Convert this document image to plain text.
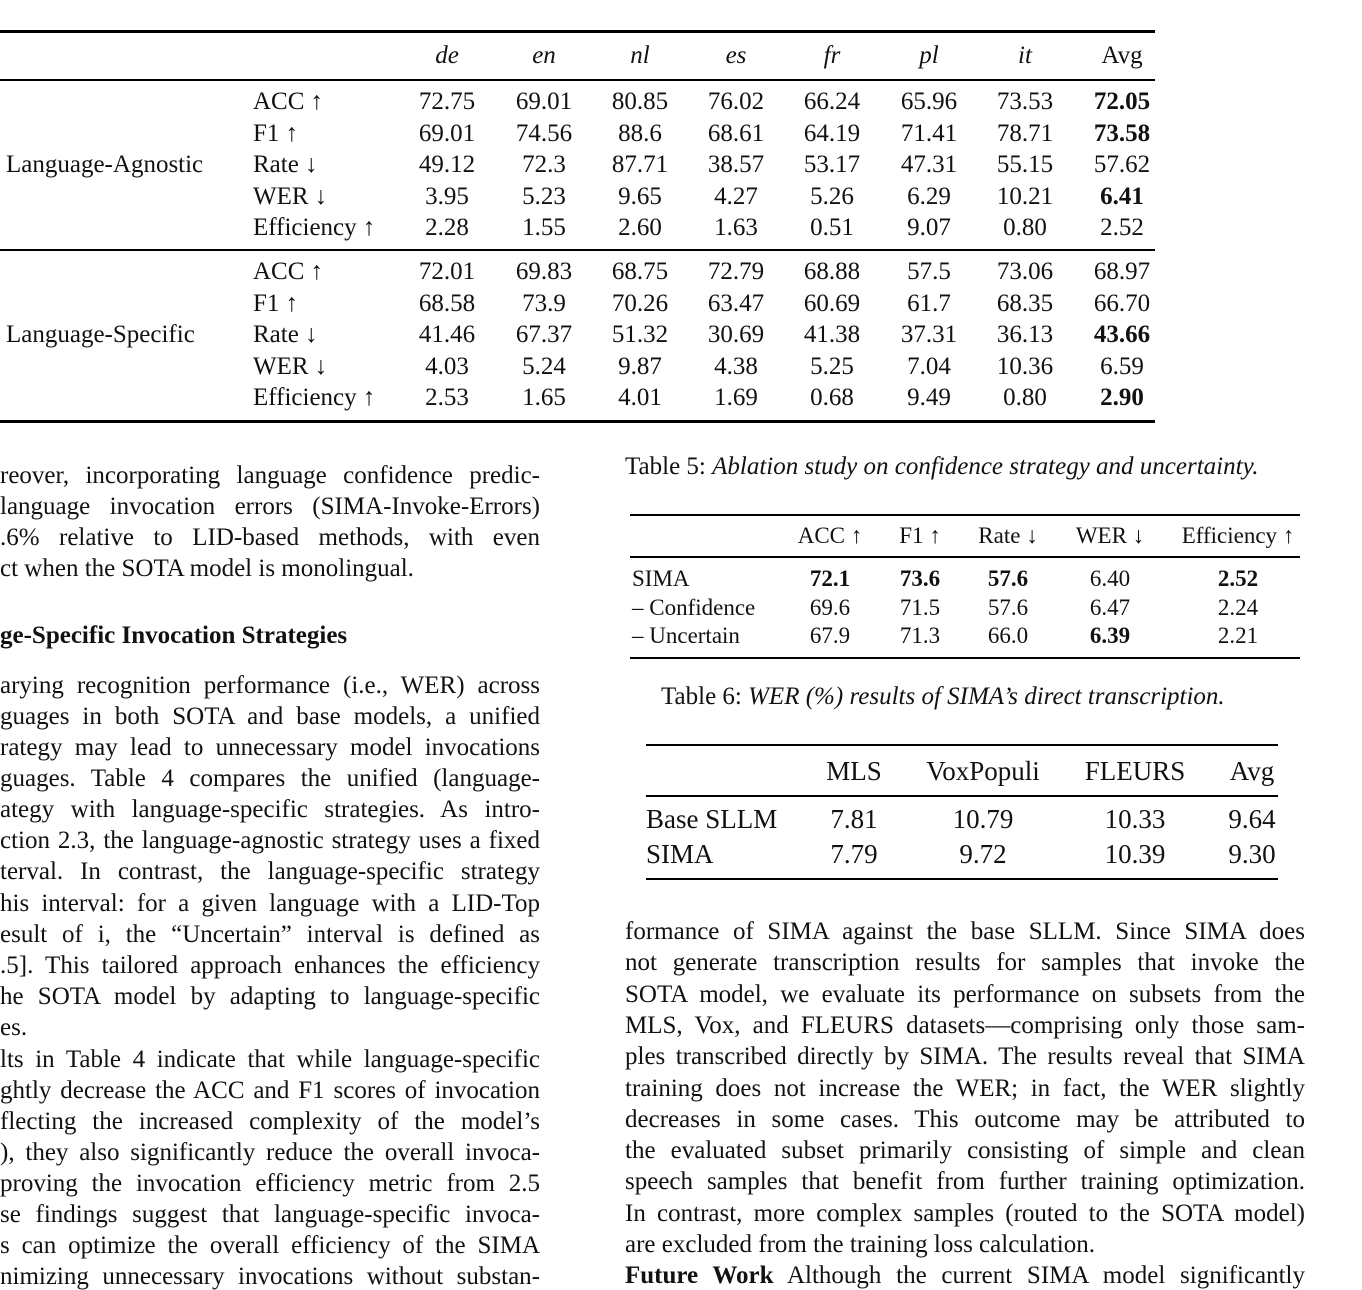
de	en	nl	es	fr	pl	it	Avg
Language-Agnostic
ACC ↑	72.75 69.01 80.85 76.02 66.24 65.96 73.53 72.05
F1 ↑	69.01 74.56 88.6 68.61 64.19 71.41 78.71 73.58
Rate ↓	49.12 72.3 87.71 38.57 53.17 47.31 55.15 57.62
WER ↓	3.95 5.23 9.65 4.27 5.26 6.29 10.21 6.41
Efficiency ↑ 2.28 1.55 2.60 1.63 0.51 9.07 0.80 2.52
Language-Specific
ACC ↑	72.01 69.83 68.75 72.79 68.88 57.5 73.06 68.97
F1 ↑	68.58 73.9 70.26 63.47 60.69 61.7 68.35 66.70
Rate ↓	41.46 67.37 51.32 30.69 41.38 37.31 36.13 43.66
WER ↓	4.03 5.24 9.87 4.38 5.25 7.04 10.36 6.59
Efficiency ↑ 2.53 1.65 4.01 1.69 0.68 9.49 0.80 2.90
reover, incorporating language confidence predic-
language invocation errors (SIMA-Invoke-Errors)
.6% relative to LID-based methods, with even
ct when the SOTA model is monolingual.
ge-Specific Invocation Strategies
arying recognition performance (i.e., WER) across
guages in both SOTA and base models, a unified
rategy may lead to unnecessary model invocations
guages. Table 4 compares the unified (language-
ategy with language-specific strategies. As intro-
ction 2.3, the language-agnostic strategy uses a fixed
terval. In contrast, the language-specific strategy
his interval: for a given language with a LID-Top
esult of i, the “Uncertain” interval is defined as
.5]. This tailored approach enhances the efficiency
he SOTA model by adapting to language-specific
es.
lts in Table 4 indicate that while language-specific
ghtly decrease the ACC and F1 scores of invocation
flecting the increased complexity of the model’s
), they also significantly reduce the overall invoca-
proving the invocation efficiency metric from 2.5
se findings suggest that language-specific invoca-
s can optimize the overall efficiency of the SIMA
nimizing unnecessary invocations without substan-
Table 5: Ablation study on confidence strategy and uncertainty.
ACC ↑ F1 ↑ Rate ↓ WER ↓ Efficiency ↑
SIMA	72.1 73.6 57.6	6.40	2.52
– Confidence 69.6 71.5 57.6	6.47	2.24
– Uncertain	67.9 71.3 66.0	6.39	2.21
Table 6: WER (%) results of SIMA’s direct transcription.
MLS VoxPopuli FLEURS Avg
Base SLLM 7.81	10.79	10.33 9.64
SIMA	7.79	9.72	10.39 9.30
formance of SIMA against the base SLLM. Since SIMA does
not generate transcription results for samples that invoke the
SOTA model, we evaluate its performance on subsets from the
MLS, Vox, and FLEURS datasets—comprising only those sam-
ples transcribed directly by SIMA. The results reveal that SIMA
training does not increase the WER; in fact, the WER slightly
decreases in some cases. This outcome may be attributed to
the evaluated subset primarily consisting of simple and clean
speech samples that benefit from further training optimization.
In contrast, more complex samples (routed to the SOTA model)
are excluded from the training loss calculation.
Future Work Although the current SIMA model significantly
